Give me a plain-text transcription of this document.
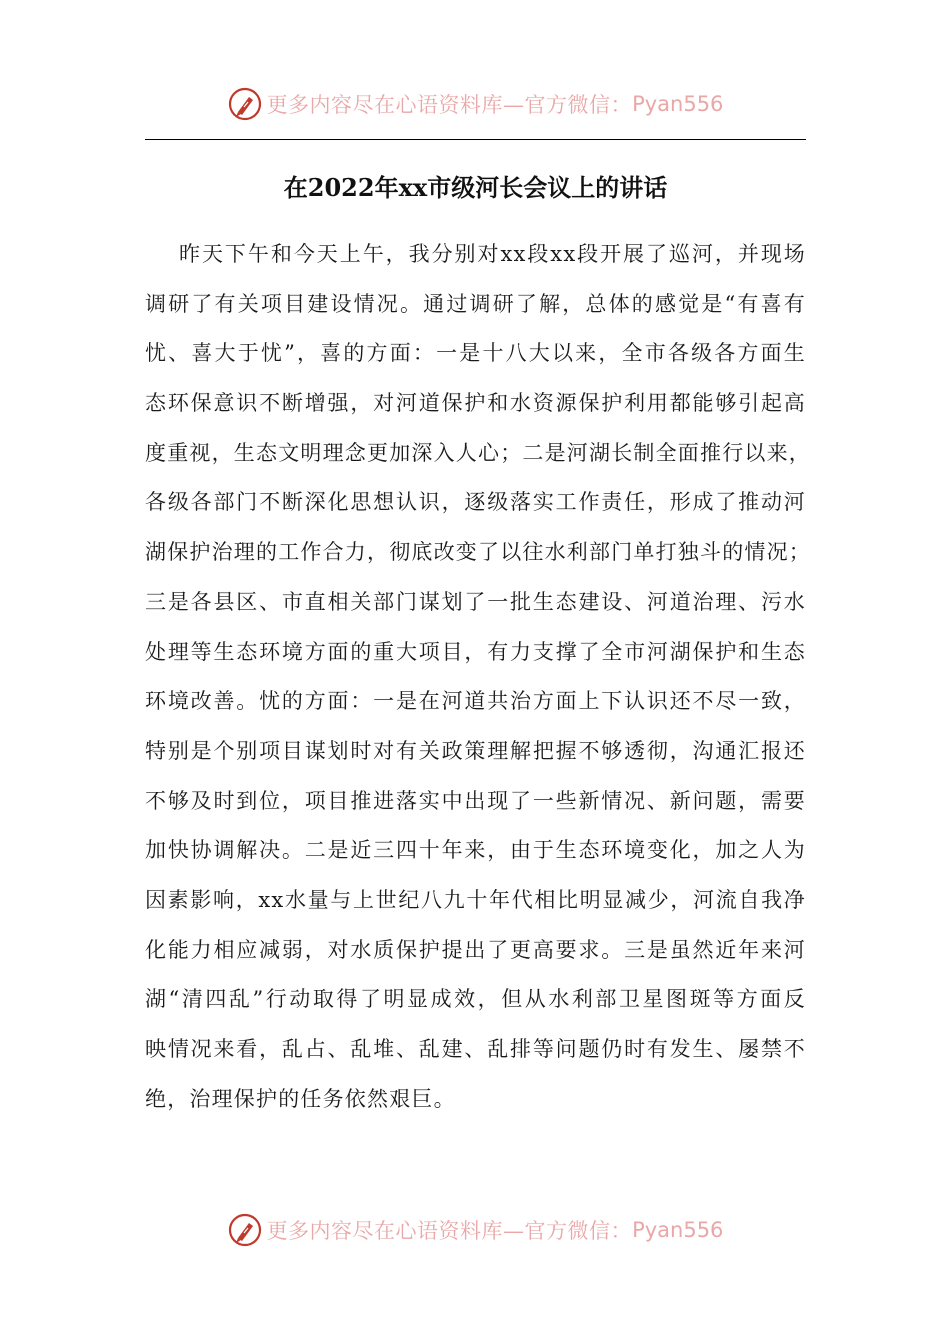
更多内容尽在心语资料库—官方微信： Pyan556
在2022年xx市级河长会议上的讲话
昨天下午和今天上午，我分别对xx段xx段开展了巡河，并现场
调研了有关项目建设情况。通过调研了解，总体的感觉是“有喜有
忧、喜大于忧”，喜的方面：一是十八大以来，全市各级各方面生
态环保意识不断增强，对河道保护和水资源保护利用都能够引起高
度重视，生态文明理念更加深入人心；二是河湖长制全面推行以来，
各级各部门不断深化思想认识，逐级落实工作责任，形成了推动河
湖保护治理的工作合力，彻底改变了以往水利部门单打独斗的情况；
三是各县区、市直相关部门谋划了一批生态建设、河道治理、污水
处理等生态环境方面的重大项目，有力支撑了全市河湖保护和生态
环境改善。忧的方面：一是在河道共治方面上下认识还不尽一致，
特别是个别项目谋划时对有关政策理解把握不够透彻，沟通汇报还
不够及时到位，项目推进落实中出现了一些新情况、新问题，需要
加快协调解决。二是近三四十年来，由于生态环境变化，加之人为
因素影响，xx水量与上世纪八九十年代相比明显减少，河流自我净
化能力相应减弱，对水质保护提出了更高要求。三是虽然近年来河
湖“清四乱”行动取得了明显成效，但从水利部卫星图斑等方面反
映情况来看，乱占、乱堆、乱建、乱排等问题仍时有发生、屡禁不
绝，治理保护的任务依然艰巨。
更多内容尽在心语资料库—官方微信： Pyan556
